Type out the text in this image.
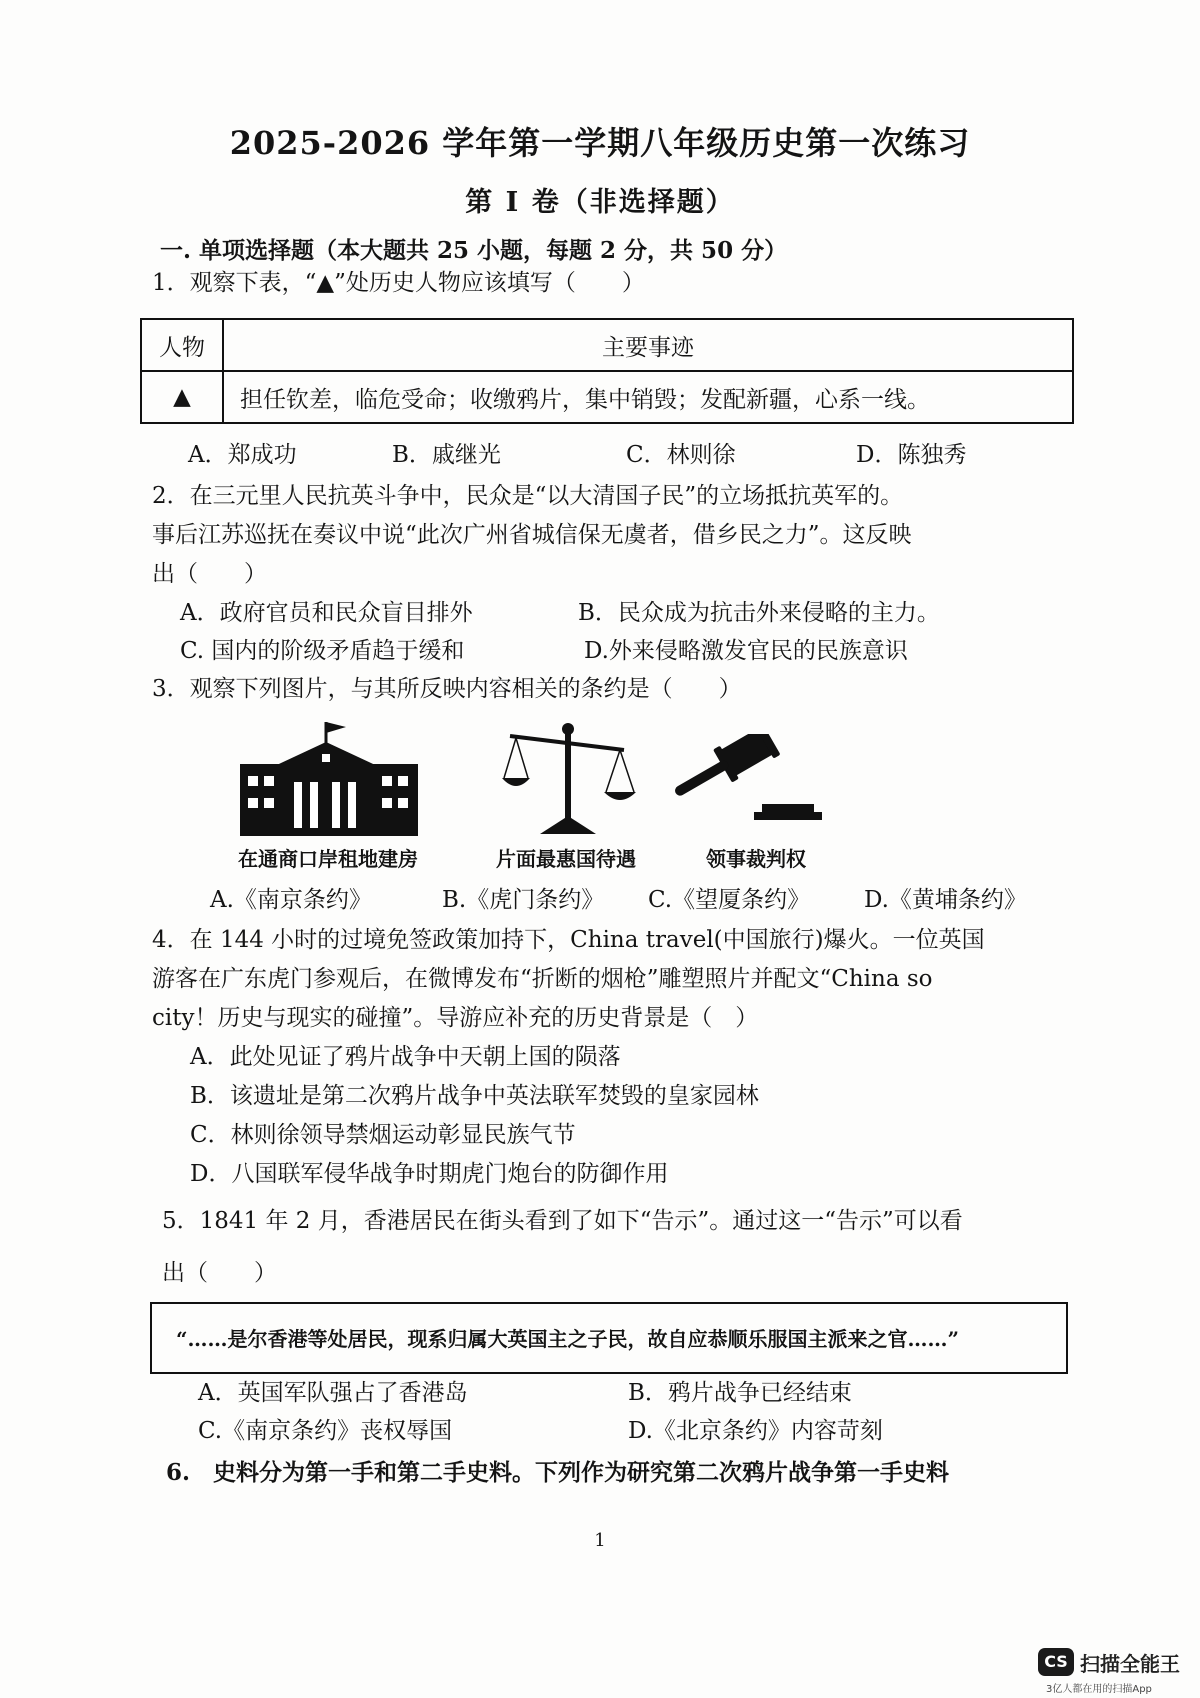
2025-2026 学年第一学期八年级历史第一次练习
第 Ⅰ 卷（非选择题）
一. 单项选择题（本大题共 25 小题，每题 2 分，共 50 分）
1．观察下表，“▲”处历史人物应该填写（　　）
人物	主要事迹
▲	担任钦差，临危受命；收缴鸦片，集中销毁；发配新疆，心系一线。
A．郑成功	B．戚继光	C．林则徐	D．陈独秀
2．在三元里人民抗英斗争中，民众是“以大清国子民”的立场抵抗英军的。
事后江苏巡抚在奏议中说“此次广州省城信保无虞者，借乡民之力”。这反映
出（　　）
A．政府官员和民众盲目排外	B．民众成为抗击外来侵略的主力。
C. 国内的阶级矛盾趋于缓和	D.外来侵略激发官民的民族意识
3．观察下列图片，与其所反映内容相关的条约是（　　）
在通商口岸租地建房	片面最惠国待遇	领事裁判权
A.《南京条约》	B.《虎门条约》 C.《望厦条约》 D.《黄埔条约》
4．在 144 小时的过境免签政策加持下，China travel(中国旅行)爆火。一位英国
游客在广东虎门参观后，在微博发布“折断的烟枪”雕塑照片并配文“China so
city！历史与现实的碰撞”。导游应补充的历史背景是（　）
A．此处见证了鸦片战争中天朝上国的陨落
B．该遗址是第二次鸦片战争中英法联军焚毁的皇家园林
C．林则徐领导禁烟运动彰显民族气节
D．八国联军侵华战争时期虎门炮台的防御作用
5．1841 年 2 月，香港居民在街头看到了如下“告示”。通过这一“告示”可以看
出（　　）
“……是尔香港等处居民，现系归属大英国主之子民，故自应恭顺乐服国主派来之官……”
A．英国军队强占了香港岛	B．鸦片战争已经结束
C.《南京条约》丧权辱国	D.《北京条约》内容苛刻
6.　史料分为第一手和第二手史料。下列作为研究第二次鸦片战争第一手史料
1
CS 扫描全能王
3亿人都在用的扫描App
